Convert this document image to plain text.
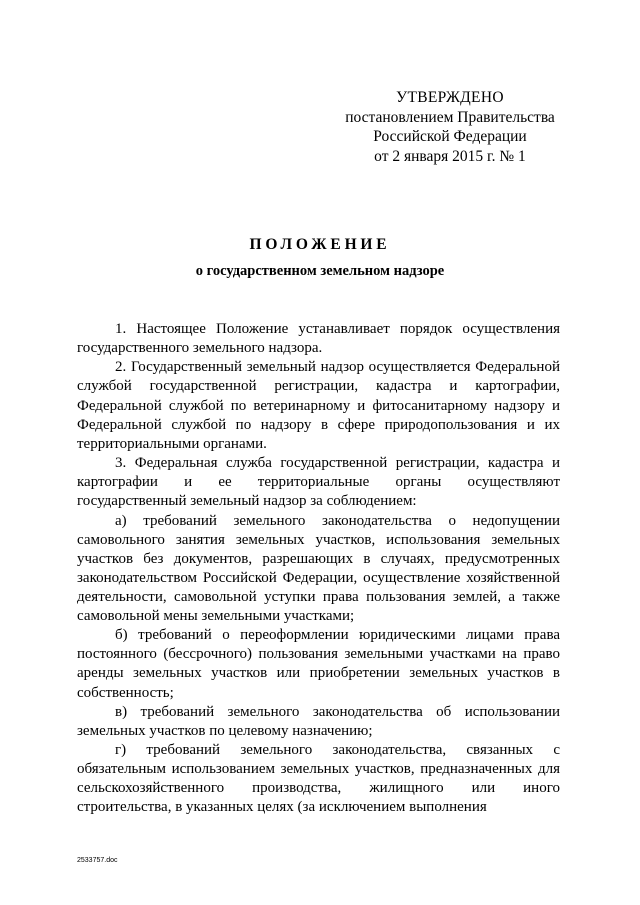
УТВЕРЖДЕНО
постановлением Правительства
Российской Федерации
от 2 января 2015 г. № 1
ПОЛОЖЕНИЕ
о государственном земельном надзоре

1. Настоящее Положение устанавливает порядок осуществления государственного земельного надзора.

2. Государственный земельный надзор осуществляется Федеральной службой государственной регистрации, кадастра и картографии, Федеральной службой по ветеринарному и фитосанитарному надзору и Федеральной службой по надзору в сфере природопользования и их территориальными органами.

3. Федеральная служба государственной регистрации, кадастра и картографии и ее территориальные органы осуществляют государственный земельный надзор за соблюдением:

а) требований земельного законодательства о недопущении самовольного занятия земельных участков, использования земельных участков без документов, разрешающих в случаях, предусмотренных законодательством Российской Федерации, осуществление хозяйственной деятельности, самовольной уступки права пользования землей, а также самовольной мены земельными участками;

б) требований о переоформлении юридическими лицами права постоянного (бессрочного) пользования земельными участками на право аренды земельных участков или приобретении земельных участков в собственность;

в) требований земельного законодательства об использовании земельных участков по целевому назначению;

г) требований земельного законодательства, связанных с обязательным использованием земельных участков, предназначенных для сельскохозяйственного производства, жилищного или иного строительства, в указанных целях (за исключением выполнения

2533757.doc
